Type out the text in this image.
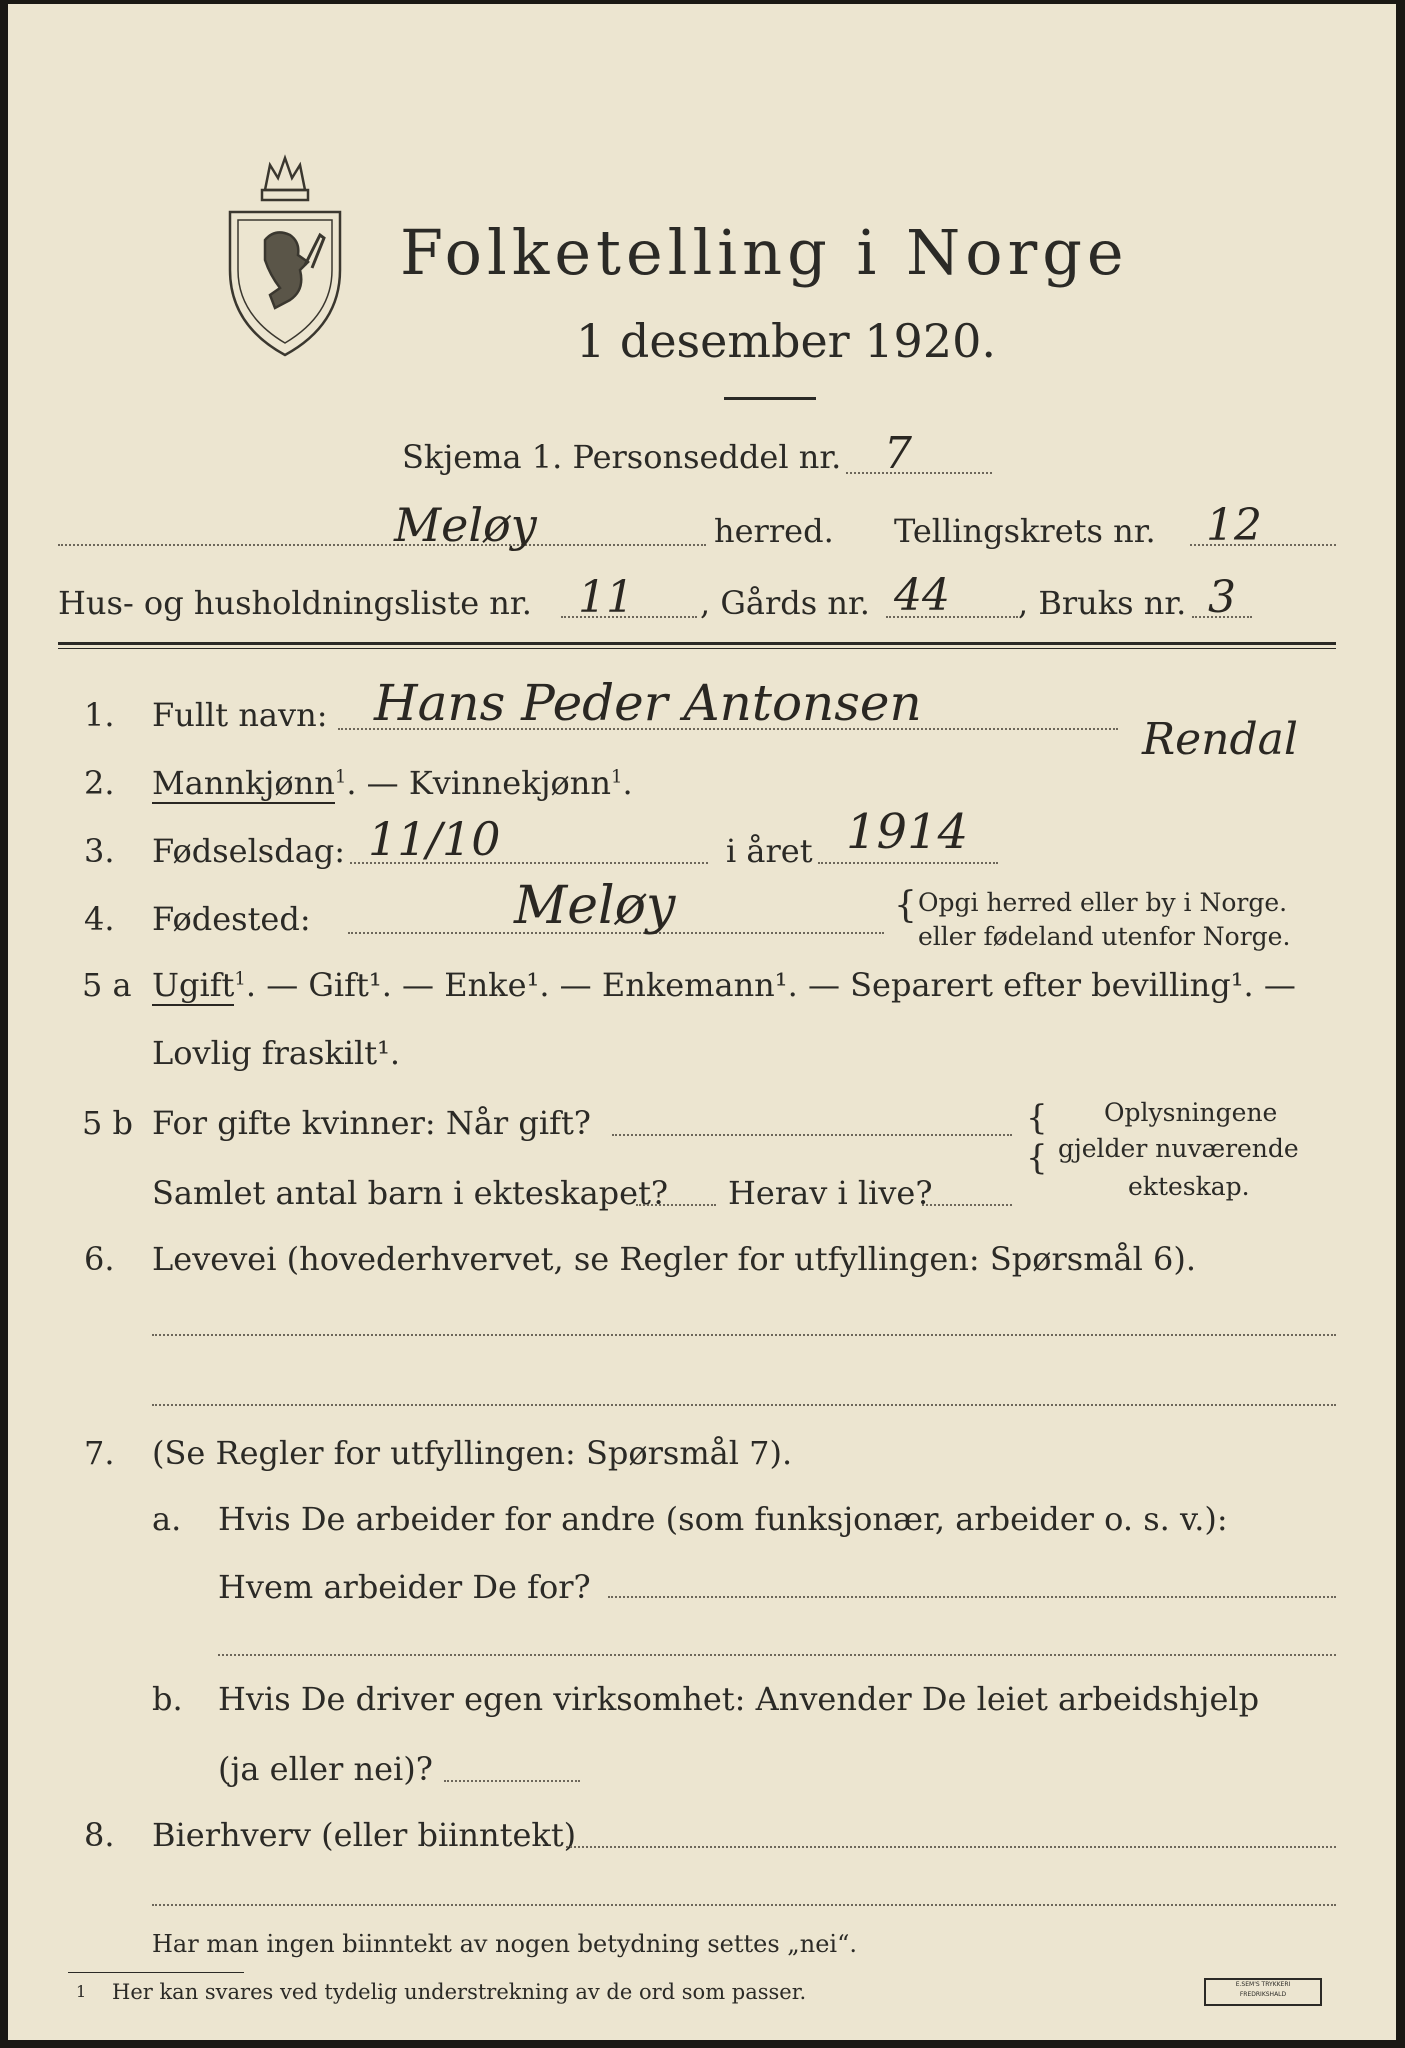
Folketelling i Norge
1 desember 1920.
Skjema 1. Personseddel nr. 7
Meløy	herred. Tellingskrets nr. 12
Hus- og husholdningsliste nr. 11 , Gårds nr. 44 , Bruks nr. 3
1. Fullt navn: Hans Peder Antonsen
Rendal
2. Mannkjønn$^1$. — Kvinnekjønn$^1$.
3. Fødselsdag: 11/10	i året 1914
4. Fødested:	Meløy	{ Opgi herred eller by i Norge.
eller fødeland utenfor Norge.
5 a Ugift$^1$. — Gift¹. — Enke¹. — Enkemann¹. — Separert efter bevilling¹. —
Lovlig fraskilt¹.
5 b For gifte kvinner: Når gift?
Samlet antal barn i ekteskapet? Herav i live?
{
{
Oplysningene
gjelder nuværende
ekteskap.
6. Levevei (hovederhvervet, se Regler for utfyllingen: Spørsmål 6).
7. (Se Regler for utfyllingen: Spørsmål 7).
a. Hvis De arbeider for andre (som funksjonær, arbeider o. s. v.):
Hvem arbeider De for?
b. Hvis De driver egen virksomhet: Anvender De leiet arbeidshjelp
(ja eller nei)?
8. Bierhverv (eller biinntekt)
Har man ingen biinntekt av nogen betydning settes „nei“.
1 Her kan svares ved tydelig understrekning av de ord som passer.	E.SEM'S TRYKKERI
FREDRIKSHALD
